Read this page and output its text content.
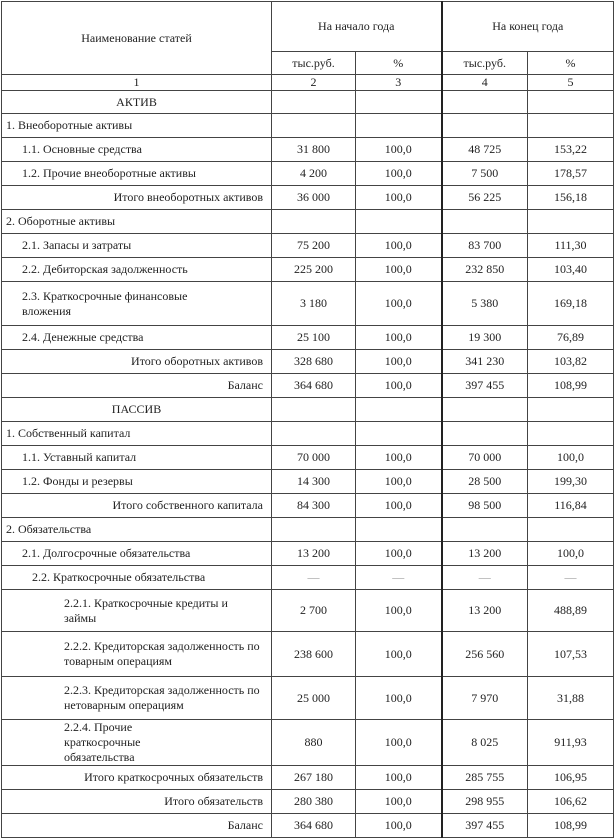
Наименование статей	На начало года		На конец года	
	тыс.руб.	%	тыс.руб.	%
1	2	3	4	5
АКТИВ				
1. Внеоборотные активы				
1.1. Основные средства	31 800	100,0	48 725	153,22
1.2. Прочие внеоборотные активы	4 200	100,0	7 500	178,57
Итого внеоборотных активов	36 000	100,0	56 225	156,18
2. Оборотные активы				
2.1. Запасы и затраты	75 200	100,0	83 700	111,30
2.2. Дебиторская задолженность	225 200	100,0	232 850	103,40
2.3. Краткосрочные финансовые вложения	3 180	100,0	5 380	169,18
2.4. Денежные средства	25 100	100,0	19 300	76,89
Итого оборотных активов	328 680	100,0	341 230	103,82
Баланс	364 680	100,0	397 455	108,99
ПАССИВ				
1. Собственный капитал				
1.1. Уставный капитал	70 000	100,0	70 000	100,0
1.2. Фонды и резервы	14 300	100,0	28 500	199,30
Итого собственного капитала	84 300	100,0	98 500	116,84
2. Обязательства				
2.1. Долгосрочные обязательства	13 200	100,0	13 200	100,0
2.2. Краткосрочные обязательства	—	—	—	—
2.2.1. Краткосрочные кредиты и займы	2 700	100,0	13 200	488,89
2.2.2. Кредиторская задолженность по товарным операциям	238 600	100,0	256 560	107,53
2.2.3. Кредиторская задолженность по нетоварным операциям	25 000	100,0	7 970	31,88
2.2.4. Прочие краткосрочные обязательства	880	100,0	8 025	911,93
Итого краткосрочных обязательств	267 180	100,0	285 755	106,95
Итого обязательств	280 380	100,0	298 955	106,62
Баланс	364 680	100,0	397 455	108,99
